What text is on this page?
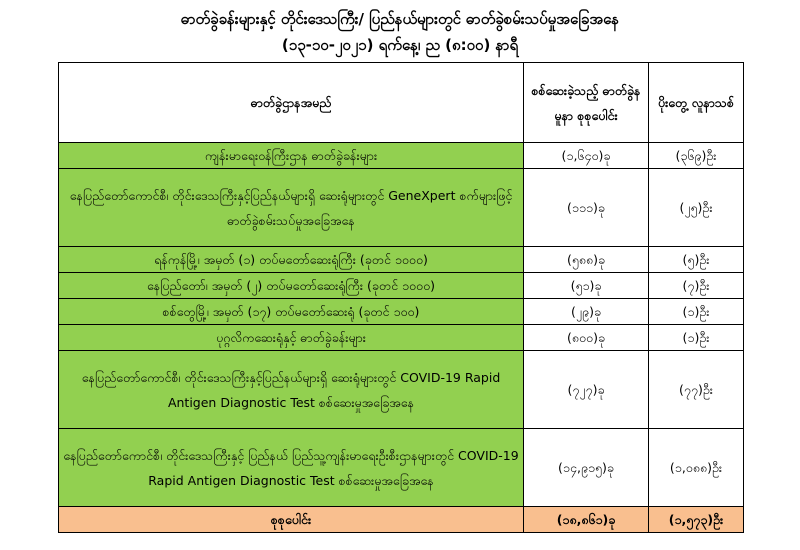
ဓာတ်ခွဲခန်းများနှင့် တိုင်းဒေသကြီး/ ပြည်နယ်များတွင် ဓာတ်ခွဲစမ်းသပ်မှုအခြေအနေ
(၁၃-၁၀-၂၀၂၁) ရက်နေ့၊ ည (၈:၀၀) နာရီ
ဓာတ်ခွဲဌာနအမည်	စစ်ဆေးခဲ့သည့် ဓာတ်ခွဲနမူနာ စုစုပေါင်း	ပိုးတွေ့ လူနာသစ်
ကျန်းမာရေးဝန်ကြီးဌာန ဓာတ်ခွဲခန်းများ	(၁,၆၄၀)ခု	(၃၆၉)ဦး
နေပြည်တော်ကောင်စီ၊ တိုင်းဒေသကြီးနှင့်ပြည်နယ်များရှိ ဆေးရုံများတွင် GeneXpert စက်များဖြင့် ဓာတ်ခွဲစမ်းသပ်မှုအခြေအနေ	(၁၁၁)ခု	(၂၅)ဦး
ရန်ကုန်မြို့၊ အမှတ် (၁) တပ်မတော်ဆေးရုံကြီး (ခုတင် ၁၀၀၀)	(၅၈၈)ခု	(၅)ဦး
နေပြည်တော်၊ အမှတ် (၂) တပ်မတော်ဆေးရုံကြီး (ခုတင် ၁၀၀၀)	(၅၁)ခု	(၇)ဦး
စစ်တွေမြို့၊ အမှတ် (၁၇) တပ်မတော်ဆေးရုံ (ခုတင် ၁၀၀)	(၂၉)ခု	(၁)ဦး
ပုဂ္ဂလိကဆေးရုံနှင့် ဓာတ်ခွဲခန်းများ	(၈၀၀)ခု	(၁)ဦး
နေပြည်တော်ကောင်စီ၊ တိုင်းဒေသကြီးနှင့်ပြည်နယ်များရှိ ဆေးရုံများတွင် COVID-19 Rapid Antigen Diagnostic Test စစ်ဆေးမှုအခြေအနေ	(၇၂၇)ခု	(၇၇)ဦး
နေပြည်တော်ကောင်စီ၊ တိုင်းဒေသကြီးနှင့် ပြည်နယ် ပြည်သူ့ကျန်းမာရေးဦးစီးဌာနများတွင် COVID-19 Rapid Antigen Diagnostic Test စစ်ဆေးမှုအခြေအနေ	(၁၄,၉၁၅)ခု	(၁,၀၈၈)ဦး
စုစုပေါင်း	(၁၈,၈၆၁)ခု	(၁,၅၇၃)ဦး
